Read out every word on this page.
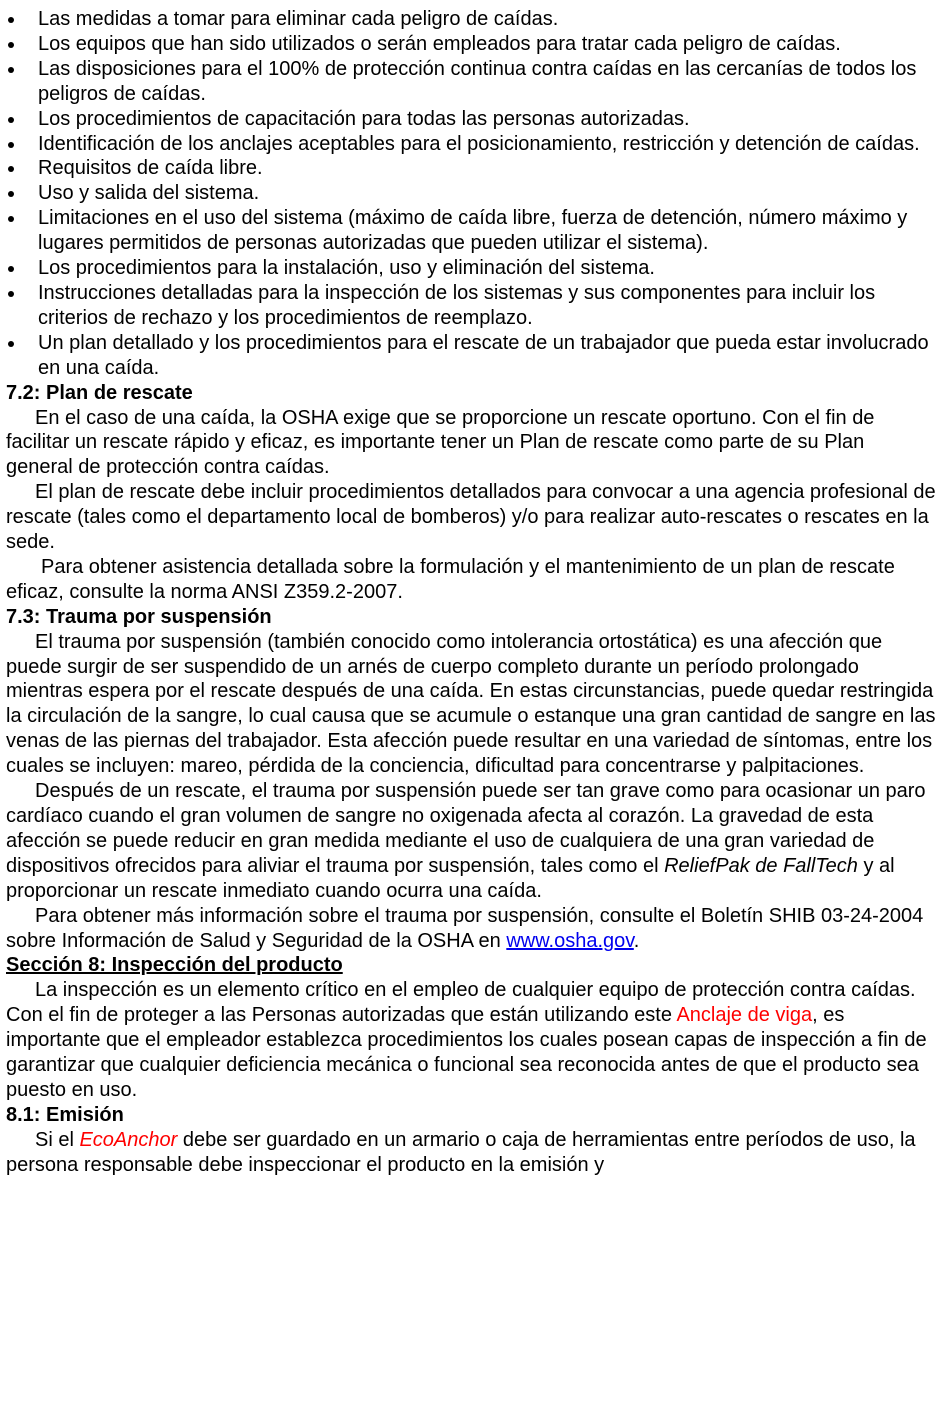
Las medidas a tomar para eliminar cada peligro de caídas.
Los equipos que han sido utilizados o serán empleados para tratar cada peligro de caídas.
Las disposiciones para el 100% de protección continua contra caídas en las cercanías de todos los peligros de caídas.
Los procedimientos de capacitación para todas las personas autorizadas.
Identificación de los anclajes aceptables para el posicionamiento, restricción y detención de caídas.
Requisitos de caída libre.
Uso y salida del sistema.
Limitaciones en el uso del sistema (máximo de caída libre, fuerza de detención, número máximo y lugares permitidos de personas autorizadas que pueden utilizar el sistema).
Los procedimientos para la instalación, uso y eliminación del sistema.
Instrucciones detalladas para la inspección de los sistemas y sus componentes para incluir los criterios de rechazo y los procedimientos de reemplazo.
Un plan detallado y los procedimientos para el rescate de un trabajador que pueda estar involucrado en una caída.
7.2: Plan de rescate

En el caso de una caída, la OSHA exige que se proporcione un rescate oportuno. Con el fin de facilitar un rescate rápido y eficaz, es importante tener un Plan de rescate como parte de su Plan general de protección contra caídas.

El plan de rescate debe incluir procedimientos detallados para convocar a una agencia profesional de rescate (tales como el departamento local de bomberos) y/o para realizar auto-rescates o rescates en la sede.

Para obtener asistencia detallada sobre la formulación y el mantenimiento de un plan de rescate eficaz, consulte la norma ANSI Z359.2-2007.

7.3: Trauma por suspensión

El trauma por suspensión (también conocido como intolerancia ortostática) es una afección que puede surgir de ser suspendido de un arnés de cuerpo completo durante un período prolongado mientras espera por el rescate después de una caída. En estas circunstancias, puede quedar restringida la circulación de la sangre, lo cual causa que se acumule o estanque una gran cantidad de sangre en las venas de las piernas del trabajador. Esta afección puede resultar en una variedad de síntomas, entre los cuales se incluyen: mareo, pérdida de la conciencia, dificultad para concentrarse y palpitaciones.

Después de un rescate, el trauma por suspensión puede ser tan grave como para ocasionar un paro cardíaco cuando el gran volumen de sangre no oxigenada afecta al corazón. La gravedad de esta afección se puede reducir en gran medida mediante el uso de cualquiera de una gran variedad de dispositivos ofrecidos para aliviar el trauma por suspensión, tales como el ReliefPak de FallTech y al proporcionar un rescate inmediato cuando ocurra una caída.

Para obtener más información sobre el trauma por suspensión, consulte el Boletín SHIB 03-24-2004 sobre Información de Salud y Seguridad de la OSHA en www.osha.gov.

Sección 8: Inspección del producto

La inspección es un elemento crítico en el empleo de cualquier equipo de protección contra caídas. Con el fin de proteger a las Personas autorizadas que están utilizando este Anclaje de viga, es importante que el empleador establezca procedimientos los cuales posean capas de inspección a fin de garantizar que cualquier deficiencia mecánica o funcional sea reconocida antes de que el producto sea puesto en uso.

8.1: Emisión

Si el EcoAnchor debe ser guardado en un armario o caja de herramientas entre períodos de uso, la persona responsable debe inspeccionar el producto en la emisión y
